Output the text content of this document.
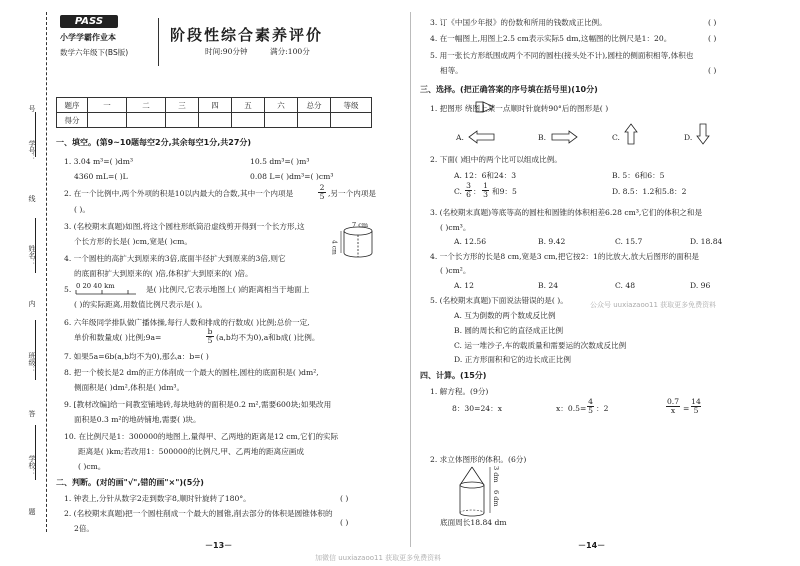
号
学号：
线
姓名：
内
班级：
答
学校：
题
PASS
小学学霸作业本
数学六年级下(BS版)
阶段性综合素养评价
时间:90分钟	满分:100分
题序	一	二	三	四	五	六	总分	等级
得分								
一、填空。(第9~10题每空2分,其余每空1分,共27分)
1. 3.04 m³=( )dm³	10.5 dm³=( )m³
4360 mL=( )L	0.08 L=( )dm³=( )cm³
2. 在一个比例中,两个外项的积是10以内最大的合数,其中一个内项是	$\frac{2}{5}$ ,另一个内项是
( )。
3. (名校期末真题)如图,将这个圆柱形纸筒沿虚线剪开得到一个长方形,这
个长方形的长是( )cm,宽是( )cm。
7 cm
4 cm
4. 一个圆柱的高扩大到原来的3倍,底面半径扩大到原来的3倍,则它
的底面积扩大到原来的( )倍,体积扩大到原来的( )倍。
5. 0 20 40 km	是( )比例尺,它表示地图上( )的距离相当于地面上
( )的实际距离,用数值比例尺表示是( )。
6. 六年级同学排队做广播体操,每行人数和排成的行数成( )比例;总价一定,
单价和数量成( )比例;9a=	$\frac{b}{5} (a,b$均不为0),a和b成( )比例。
7. 如果5a=6b(a,b均不为0),那么a：b=( )
8. 把一个棱长是2 dm的正方体削成一个最大的圆柱,圆柱的底面积是( )dm²,
侧面积是( )dm²,体积是( )dm³。
9. [教材改编]给一间教室铺地砖,每块地砖的面积是0.2 m²,需要600块;如果改用
面积是0.3 m²的地砖铺地,需要( )块。
10. 在比例尺是1：300000的地图上,量得甲、乙两地的距离是12 cm,它们的实际
距离是( )km;若改用1：500000的比例尺,甲、乙两地的距离应画成
( )cm。
二、判断。(对的画"√",错的画"×")(5分)
1. 钟表上,分针从数字2走到数字8,顺时针旋转了180°。	( )
2. (名校期末真题)把一个圆柱削成一个最大的圆锥,削去部分的体积是圆锥体积的
2倍。
( )
－13－
3. 订《中国少年报》的份数和所用的钱数成正比例。	( )
4. 在一幅图上,用图上2.5 cm表示实际5 dm,这幅图的比例尺是1：20。	( )
5. 用一张长方形纸围成两个不同的圆柱(接头处不计),圆柱的侧面积相等,体积也
相等。	( )
三、选择。(把正确答案的序号填在括号里)(10分)
1. 把图形 绕图上某一点顺时针旋转90°后的图形是( )
A.	B.	C.	D.
2. 下面( )组中的两个比可以组成比例。
A. 12：6和24：3	B. 5：6和6：5
C. $\frac{3}{6}$ ： $\frac{1}{3}$ 和9：5	D. 8.5：1.2和5.8：2
3. (名校期末真题)等底等高的圆柱和圆锥的体积相差6.28 cm³,它们的体积之和是
( )cm³。
A. 12.56	B. 9.42	C. 15.7	D. 18.84
4. 一个长方形的长是8 cm,宽是3 cm,把它按2：1的比放大,放大后图形的面积是
( )cm²。
A. 12	B. 24	C. 48	D. 96
5. (名校期末真题)下面说法错误的是( )。
A. 互为倒数的两个数成反比例
B. 圆的周长和它的直径成正比例
C. 运一堆沙子,车的载质量和需要运的次数成反比例
D. 正方形面积和它的边长成正比例
四、计算。(15分)
1. 解方程。(9分)
8：30=24：x	x：$0.5= \frac{4}{5}$ ：2	$\frac{0.7}{x} = \frac{14}{5}$
2. 求立体图形的体积。(6分)
6 dm
3 dm
底面周长18.84 dm
－14－
公众号 uuxiazaoo11 获取更多免费资料
加微信 uuxiazaoo11 获取更多免费资料
